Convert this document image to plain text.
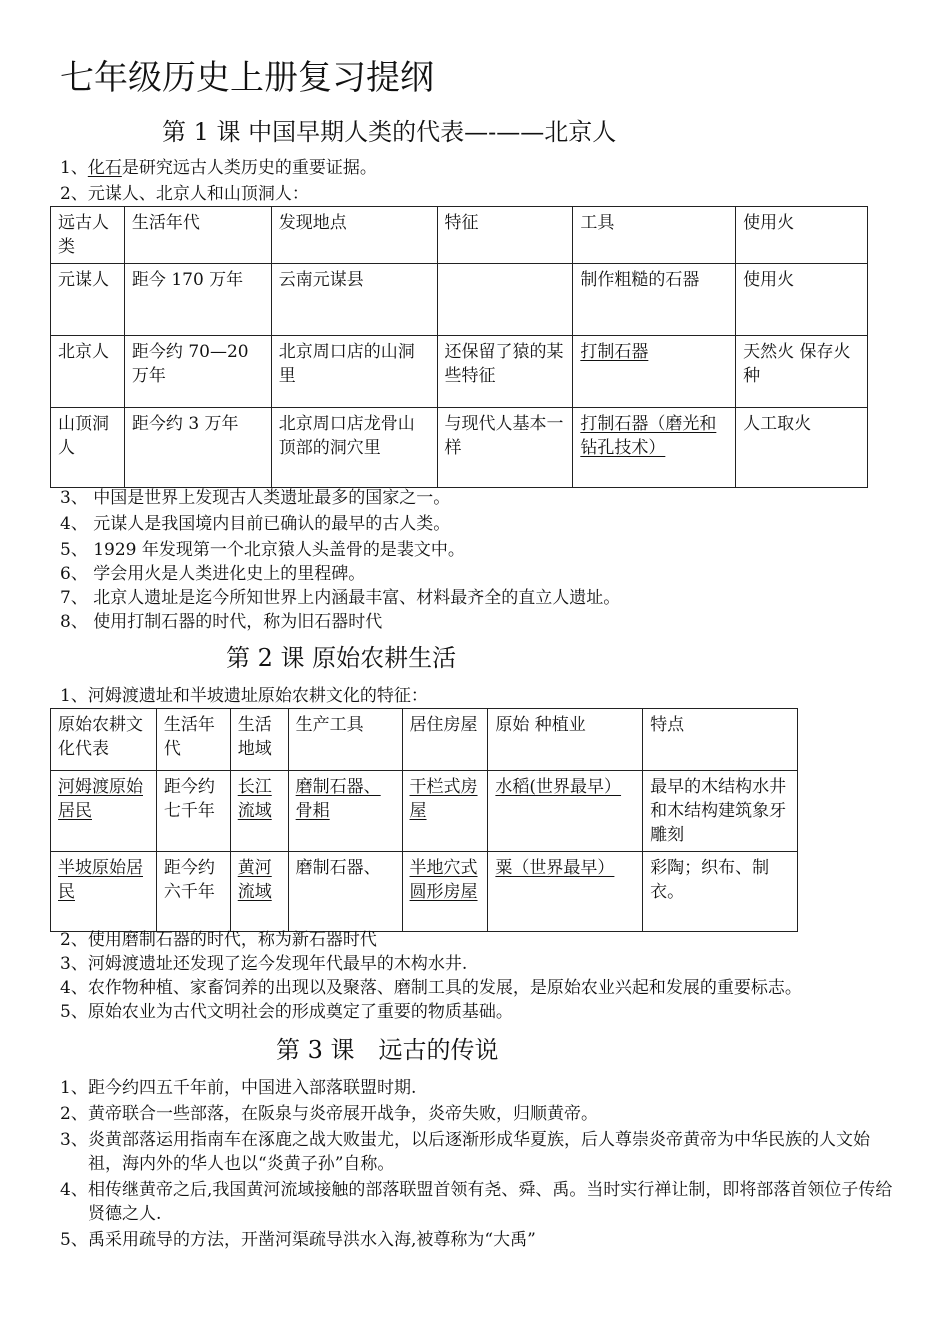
七年级历史上册复习提纲
第 1 课 中国早期人类的代表—-——北京人
1、化石是研究远古人类历史的重要证据。
2、元谋人、北京人和山顶洞人：
远古人类	生活年代	发现地点	特征	工具	使用火
元谋人	距今 170 万年	云南元谋县		制作粗糙的石器	使用火
北京人	距今约 70—20 万年	北京周口店的山洞里	还保留了猿的某些特征	打制石器	天然火 保存火种
山顶洞人	距今约 3 万年	北京周口店龙骨山顶部的洞穴里	与现代人基本一样	打制石器（磨光和钻孔技术）	人工取火
3、 中国是世界上发现古人类遗址最多的国家之一。
4、 元谋人是我国境内目前已确认的最早的古人类。
5、 1929 年发现第一个北京猿人头盖骨的是裴文中。
6、 学会用火是人类进化史上的里程碑。
7、 北京人遗址是迄今所知世界上内涵最丰富、材料最齐全的直立人遗址。
8、 使用打制石器的时代，称为旧石器时代
第 2 课 原始农耕生活
1、河姆渡遗址和半坡遗址原始农耕文化的特征：
原始农耕文化代表	生活年代	生活地域	生产工具	居住房屋	原始 种植业	特点
河姆渡原始居民	距今约七千年	长江流域	磨制石器、骨耜	干栏式房屋	水稻(世界最早）	最早的木结构水井和木结构建筑象牙雕刻
半坡原始居民	距今约六千年	黄河流域	磨制石器、	半地穴式圆形房屋	粟（世界最早）	彩陶；织布、制衣。
2、使用磨制石器的时代，称为新石器时代
3、河姆渡遗址还发现了迄今发现年代最早的木构水井.
4、农作物种植、家畜饲养的出现以及聚落、磨制工具的发展，是原始农业兴起和发展的重要标志。
5、原始农业为古代文明社会的形成奠定了重要的物质基础。
第 3 课　远古的传说
1、 距今约四五千年前，中国进入部落联盟时期.
2、 黄帝联合一些部落，在阪泉与炎帝展开战争，炎帝失败，归顺黄帝。
3、 炎黄部落运用指南车在涿鹿之战大败蚩尤，以后逐渐形成华夏族，后人尊崇炎帝黄帝为中华民族的人文始祖，海内外的华人也以“炎黄子孙”自称。
4、 相传继黄帝之后,我国黄河流域接触的部落联盟首领有尧、舜、禹。当时实行禅让制，即将部落首领位子传给贤德之人.
5、 禹采用疏导的方法，开凿河渠疏导洪水入海,被尊称为“大禹”
